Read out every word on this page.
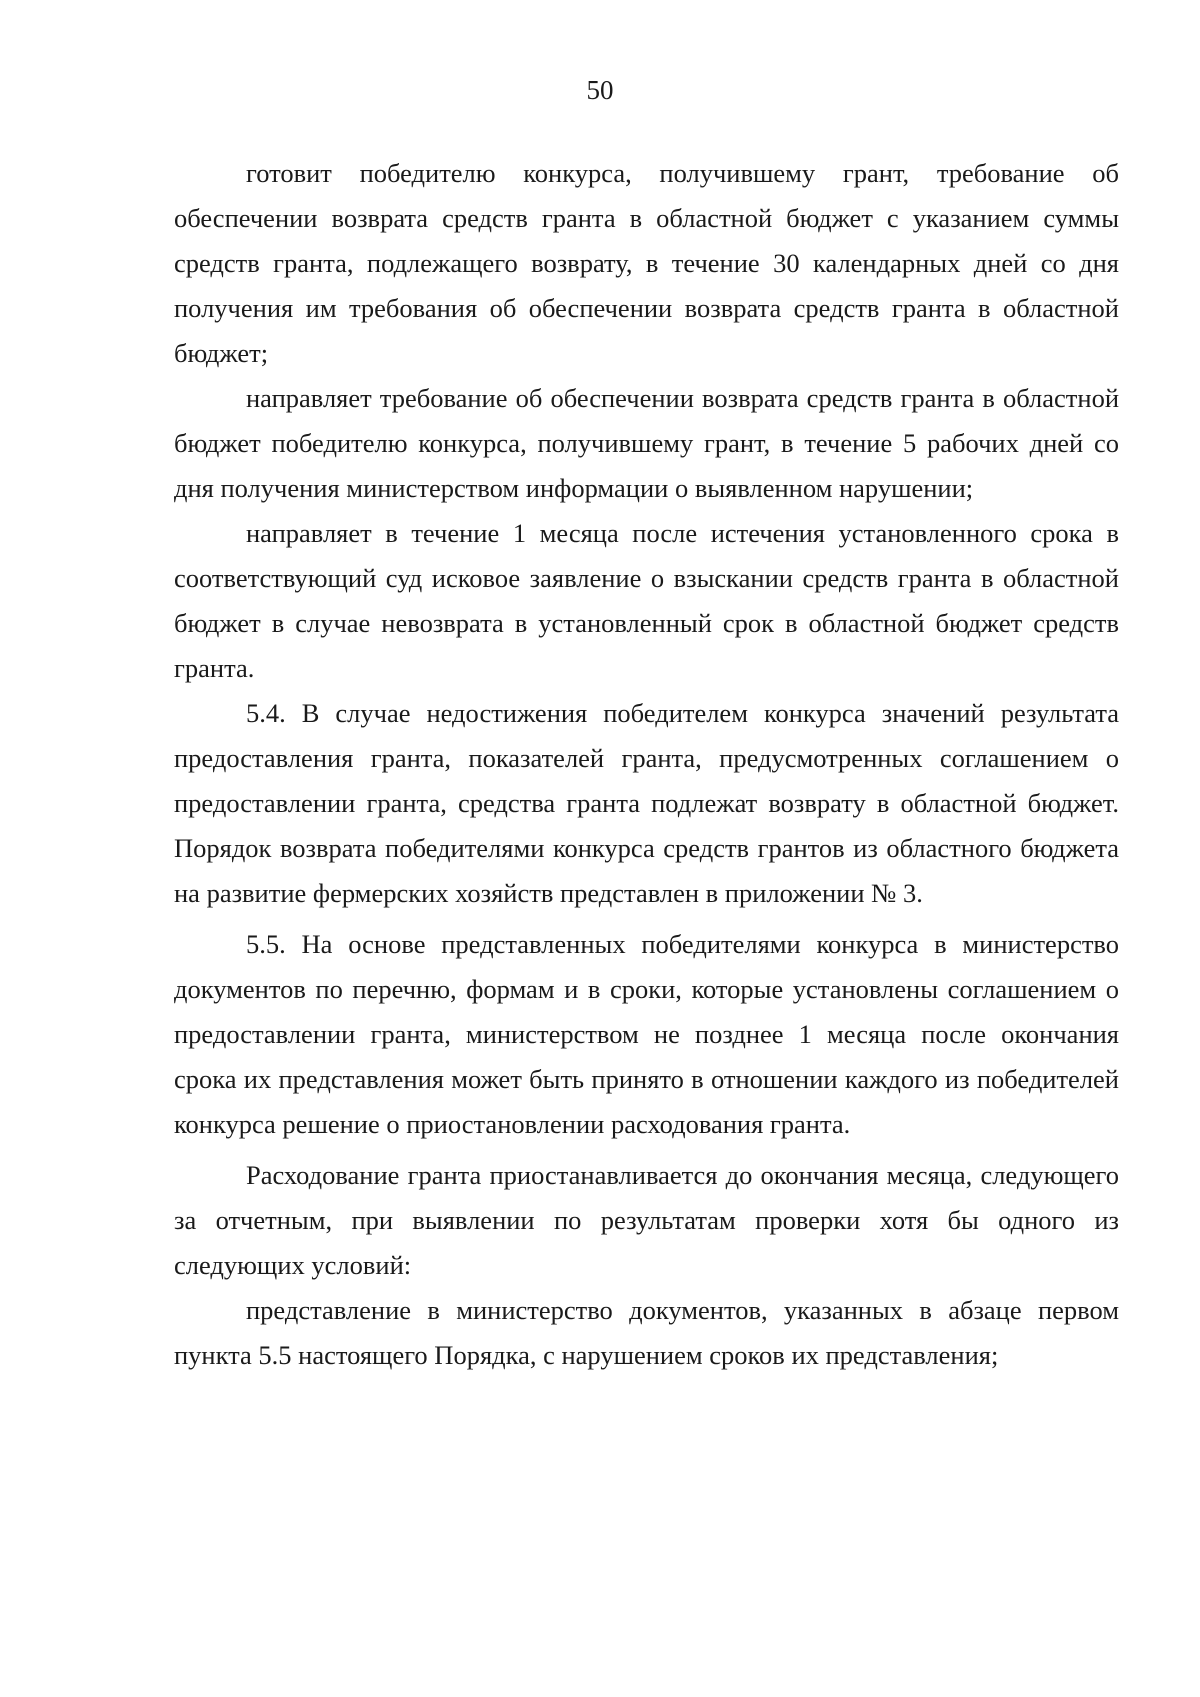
50

готовит победителю конкурса, получившему грант, требование об обеспечении возврата средств гранта в областной бюджет с указанием суммы средств гранта, подлежащего возврату, в течение 30 календарных дней со дня получения им требования об обеспечении возврата средств гранта в областной бюджет;

направляет требование об обеспечении возврата средств гранта в областной бюджет победителю конкурса, получившему грант, в течение 5 рабочих дней со дня получения министерством информации о выявленном нарушении;

направляет в течение 1 месяца после истечения установленного срока в соответствующий суд исковое заявление о взыскании средств гранта в областной бюджет в случае невозврата в установленный срок в областной бюджет средств гранта.

5.4. В случае недостижения победителем конкурса значений результата предоставления гранта, показателей гранта, предусмотренных соглашением о предоставлении гранта, средства гранта подлежат возврату в областной бюджет. Порядок возврата победителями конкурса средств грантов из областного бюджета на развитие фермерских хозяйств представлен в приложении № 3.

5.5. На основе представленных победителями конкурса в министерство документов по перечню, формам и в сроки, которые установлены соглашением о предоставлении гранта, министерством не позднее 1 месяца после окончания срока их представления может быть принято в отношении каждого из победителей конкурса решение о приостановлении расходования гранта.

Расходование гранта приостанавливается до окончания месяца, следующего за отчетным, при выявлении по результатам проверки хотя бы одного из следующих условий:

представление в министерство документов, указанных в абзаце первом пункта 5.5 настоящего Порядка, с нарушением сроков их представления;
